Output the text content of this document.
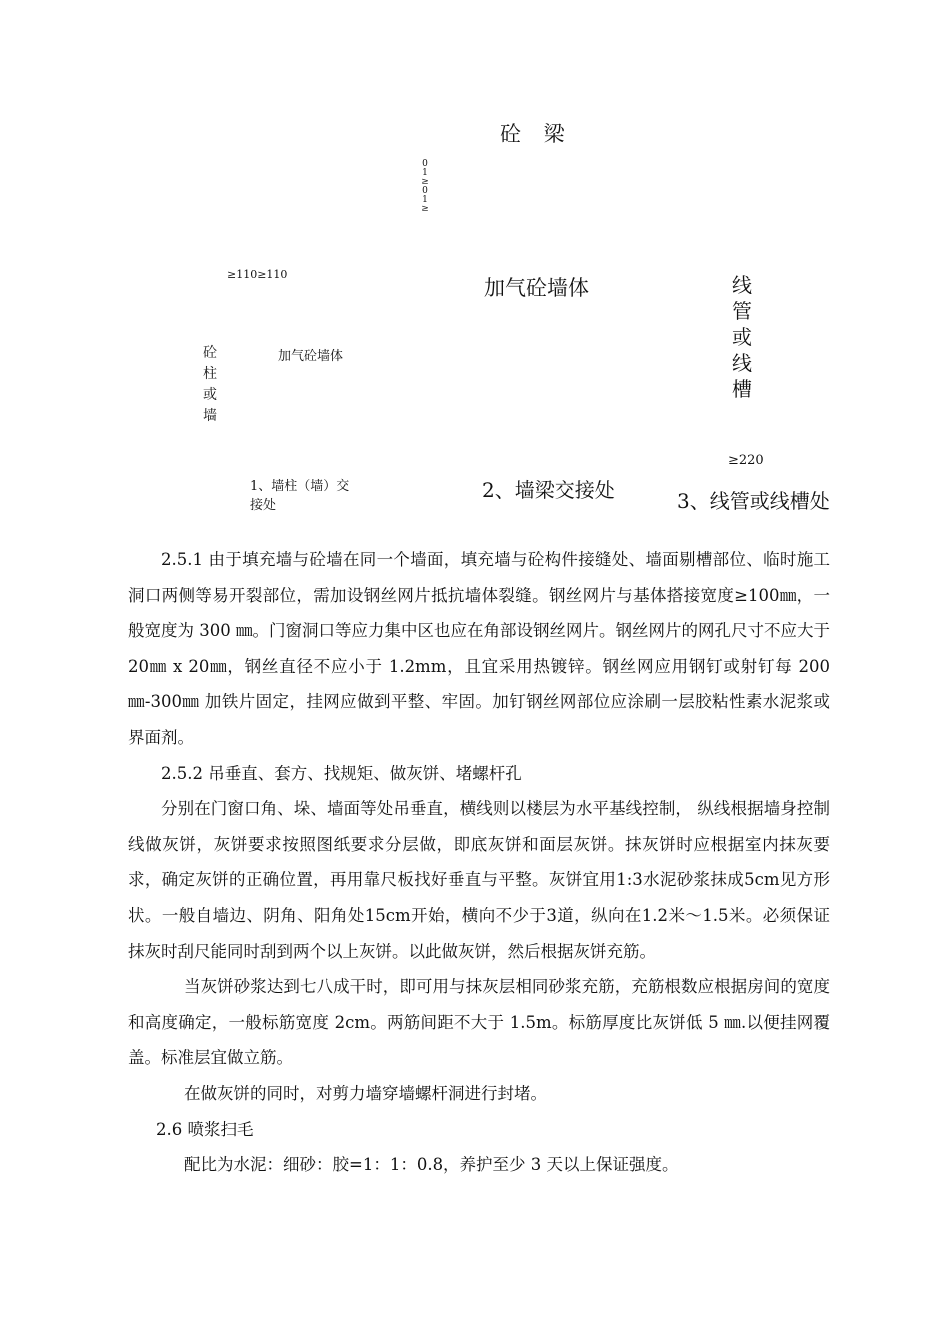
砼 梁
0 1 ≥ 0 1 ≥
≥110≥110
加气砼墙体	线管或线槽
砼柱或墙
加气砼墙体
≥220
1、墙柱（墙）交接处
2、墙梁交接处	3、线管或线槽处

2.5.1 由于填充墙与砼墙在同一个墙面，填充墙与砼构件接缝处、墙面剔槽部位、临时施工洞口两侧等易开裂部位，需加设钢丝网片抵抗墙体裂缝。钢丝网片与基体搭接宽度≥100㎜，一般宽度为 300 ㎜。门窗洞口等应力集中区也应在角部设钢丝网片。钢丝网片的网孔尺寸不应大于 20㎜ x 20㎜，钢丝直径不应小于 1.2mm，且宜采用热镀锌。钢丝网应用钢钉或射钉每 200㎜-300㎜ 加铁片固定，挂网应做到平整、牢固。加钉钢丝网部位应涂刷一层胶粘性素水泥浆或界面剂。

2.5.2 吊垂直、套方、找规矩、做灰饼、堵螺杆孔

分别在门窗口角、垛、墙面等处吊垂直，横线则以楼层为水平基线控制， 纵线根据墙身控制线做灰饼，灰饼要求按照图纸要求分层做，即底灰饼和面层灰饼。抹灰饼时应根据室内抹灰要求，确定灰饼的正确位置，再用靠尺板找好垂直与平整。灰饼宜用1:3水泥砂浆抹成5cm见方形状。一般自墙边、阴角、阳角处15cm开始，横向不少于3道，纵向在1.2米～1.5米。必须保证抹灰时刮尺能同时刮到两个以上灰饼。以此做灰饼，然后根据灰饼充筋。

当灰饼砂浆达到七八成干时，即可用与抹灰层相同砂浆充筋，充筋根数应根据房间的宽度和高度确定，一般标筋宽度 2cm。两筋间距不大于 1.5m。标筋厚度比灰饼低 5 ㎜.以便挂网覆盖。标准层宜做立筋。

在做灰饼的同时，对剪力墙穿墙螺杆洞进行封堵。

2.6 喷浆扫毛

配比为水泥：细砂：胶=1：1：0.8，养护至少 3 天以上保证强度。
